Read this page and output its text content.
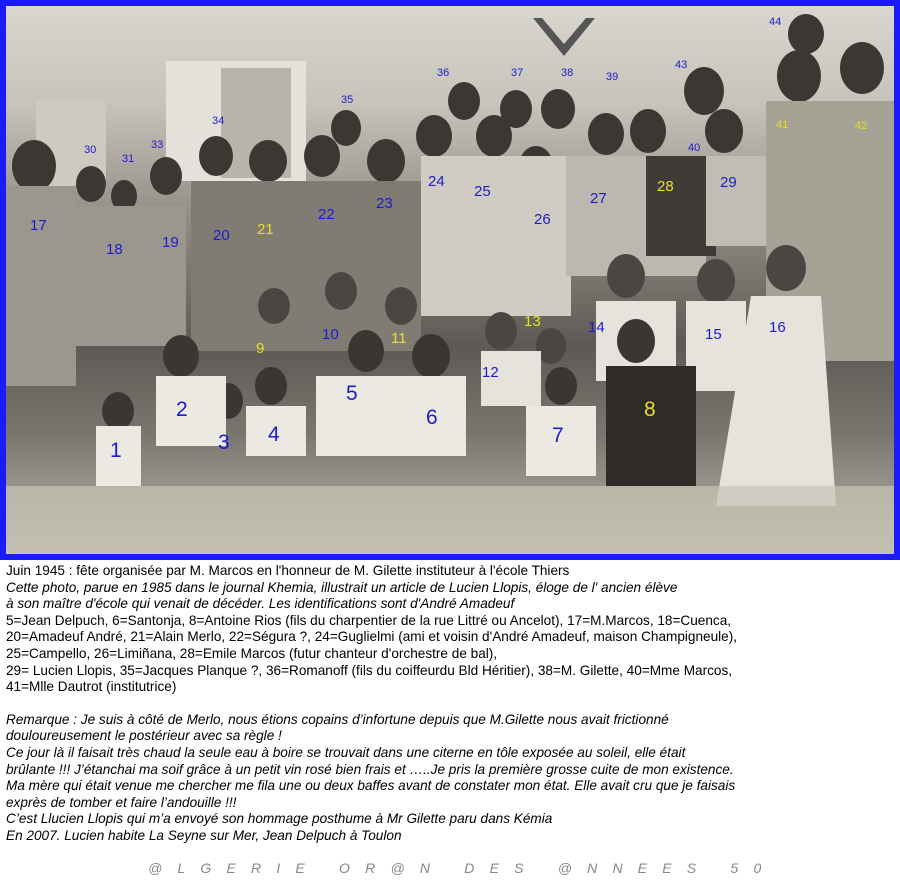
1
2
3 4
5
6
7
8
9
10	11
12
13	14	15	16
17
18	19 20 21
22
23
24
25
26
27
28	29
30
31
33
34
35
36	37	38	39
40
41	42
43
44
Juin 1945 : fête organisée par M. Marcos en l'honneur de M. Gilette instituteur à l'école Thiers
Cette photo, parue en 1985 dans le journal Khemia, illustrait un article de Lucien Llopis, éloge de l' ancien élève
à son maître d'école qui venait de décéder. Les identifications sont d'André Amadeuf
5=Jean Delpuch, 6=Santonja, 8=Antoine Rios (fils du charpentier de la rue Littré ou Ancelot), 17=M.Marcos, 18=Cuenca,
20=Amadeuf André, 21=Alain Merlo, 22=Ségura ?, 24=Guglielmi (ami et voisin d'André Amadeuf, maison Champigneule),
25=Campello, 26=Limiñana, 28=Emile Marcos (futur chanteur d'orchestre de bal),
29= Lucien Llopis, 35=Jacques Planque ?, 36=Romanoff (fils du coiffeurdu Bld Héritier), 38=M. Gilette, 40=Mme Marcos,
41=Mlle Dautrot (institutrice)
Remarque : Je suis à côté de Merlo, nous étions copains d’infortune depuis que M.Gilette nous avait frictionné
douloureusement le postérieur avec sa règle !
Ce jour là il faisait très chaud la seule eau à boire se trouvait dans une citerne en tôle exposée au soleil, elle était
brûlante !!! J’étanchai ma soif grâce à un petit vin rosé bien frais et …..Je pris la première grosse cuite de mon existence.
Ma mère qui était venue me chercher me fila une ou deux baffes avant de constater mon état. Elle avait cru que je faisais
exprès de tomber et faire l’andouille !!!
C’est Llucien Llopis qui m’a envoyé son hommage posthume à Mr Gilette paru dans Kémia
En 2007. Lucien habite La Seyne sur Mer, Jean Delpuch à Toulon
@LGERIE OR@N DES @NNEES 50
